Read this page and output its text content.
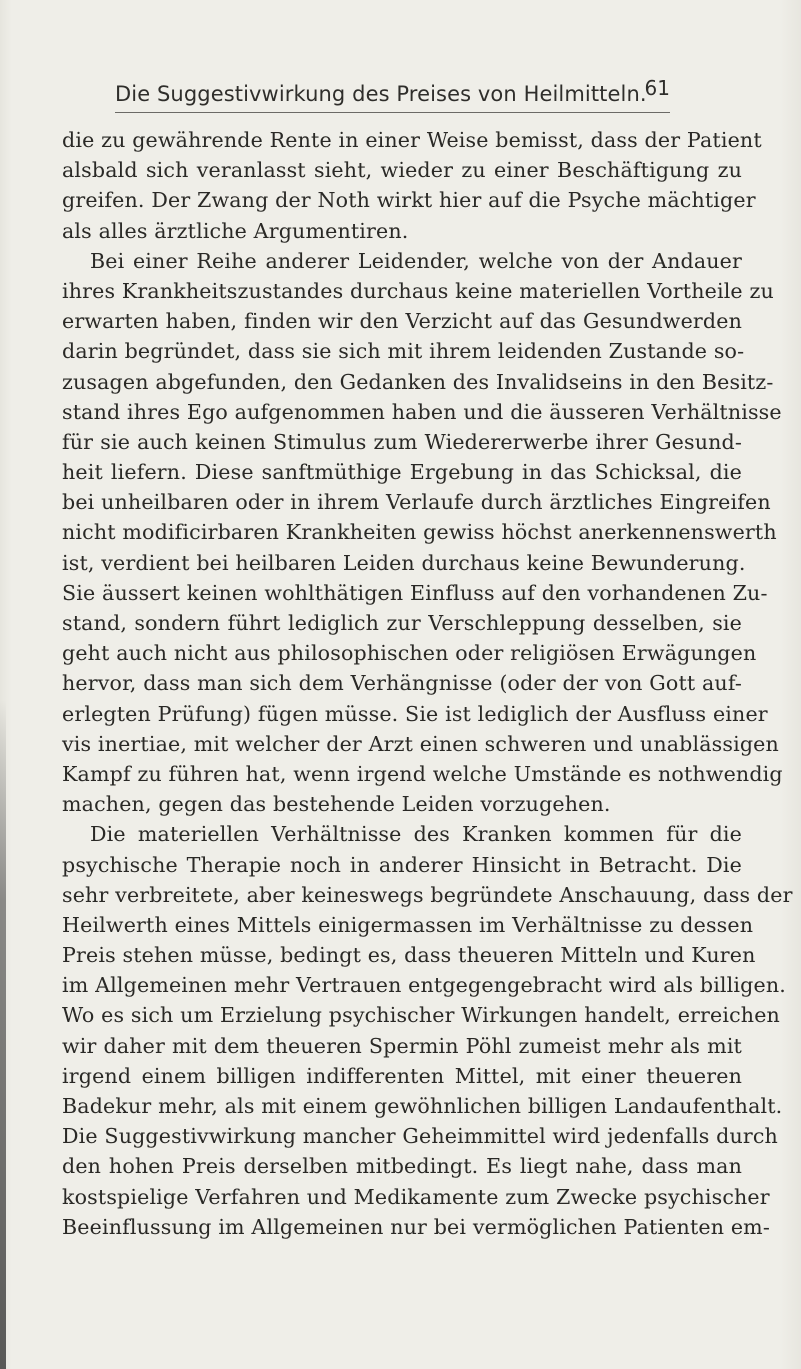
Die Suggestivwirkung des Preises von Heilmitteln.
61
die zu gewährende Rente in einer Weise bemisst, dass der Patient
alsbald sich veranlasst sieht, wieder zu einer Beschäftigung zu
greifen. Der Zwang der Noth wirkt hier auf die Psyche mächtiger
als alles ärztliche Argumentiren.
Bei einer Reihe anderer Leidender, welche von der Andauer
ihres Krankheitszustandes durchaus keine materiellen Vortheile zu
erwarten haben, finden wir den Verzicht auf das Gesundwerden
darin begründet, dass sie sich mit ihrem leidenden Zustande so-
zusagen abgefunden, den Gedanken des Invalidseins in den Besitz-
stand ihres Ego aufgenommen haben und die äusseren Verhältnisse
für sie auch keinen Stimulus zum Wiedererwerbe ihrer Gesund-
heit liefern. Diese sanftmüthige Ergebung in das Schicksal, die
bei unheilbaren oder in ihrem Verlaufe durch ärztliches Eingreifen
nicht modificirbaren Krankheiten gewiss höchst anerkennenswerth
ist, verdient bei heilbaren Leiden durchaus keine Bewunderung.
Sie äussert keinen wohlthätigen Einfluss auf den vorhandenen Zu-
stand, sondern führt lediglich zur Verschleppung desselben, sie
geht auch nicht aus philosophischen oder religiösen Erwägungen
hervor, dass man sich dem Verhängnisse (oder der von Gott auf-
erlegten Prüfung) fügen müsse. Sie ist lediglich der Ausfluss einer
vis inertiae, mit welcher der Arzt einen schweren und unablässigen
Kampf zu führen hat, wenn irgend welche Umstände es nothwendig
machen, gegen das bestehende Leiden vorzugehen.
Die materiellen Verhältnisse des Kranken kommen für die
psychische Therapie noch in anderer Hinsicht in Betracht. Die
sehr verbreitete, aber keineswegs begründete Anschauung, dass der
Heilwerth eines Mittels einigermassen im Verhältnisse zu dessen
Preis stehen müsse, bedingt es, dass theueren Mitteln und Kuren
im Allgemeinen mehr Vertrauen entgegengebracht wird als billigen.
Wo es sich um Erzielung psychischer Wirkungen handelt, erreichen
wir daher mit dem theueren Spermin Pöhl zumeist mehr als mit
irgend einem billigen indifferenten Mittel, mit einer theueren
Badekur mehr, als mit einem gewöhnlichen billigen Landaufenthalt.
Die Suggestivwirkung mancher Geheimmittel wird jedenfalls durch
den hohen Preis derselben mitbedingt. Es liegt nahe, dass man
kostspielige Verfahren und Medikamente zum Zwecke psychischer
Beeinflussung im Allgemeinen nur bei vermöglichen Patienten em-
